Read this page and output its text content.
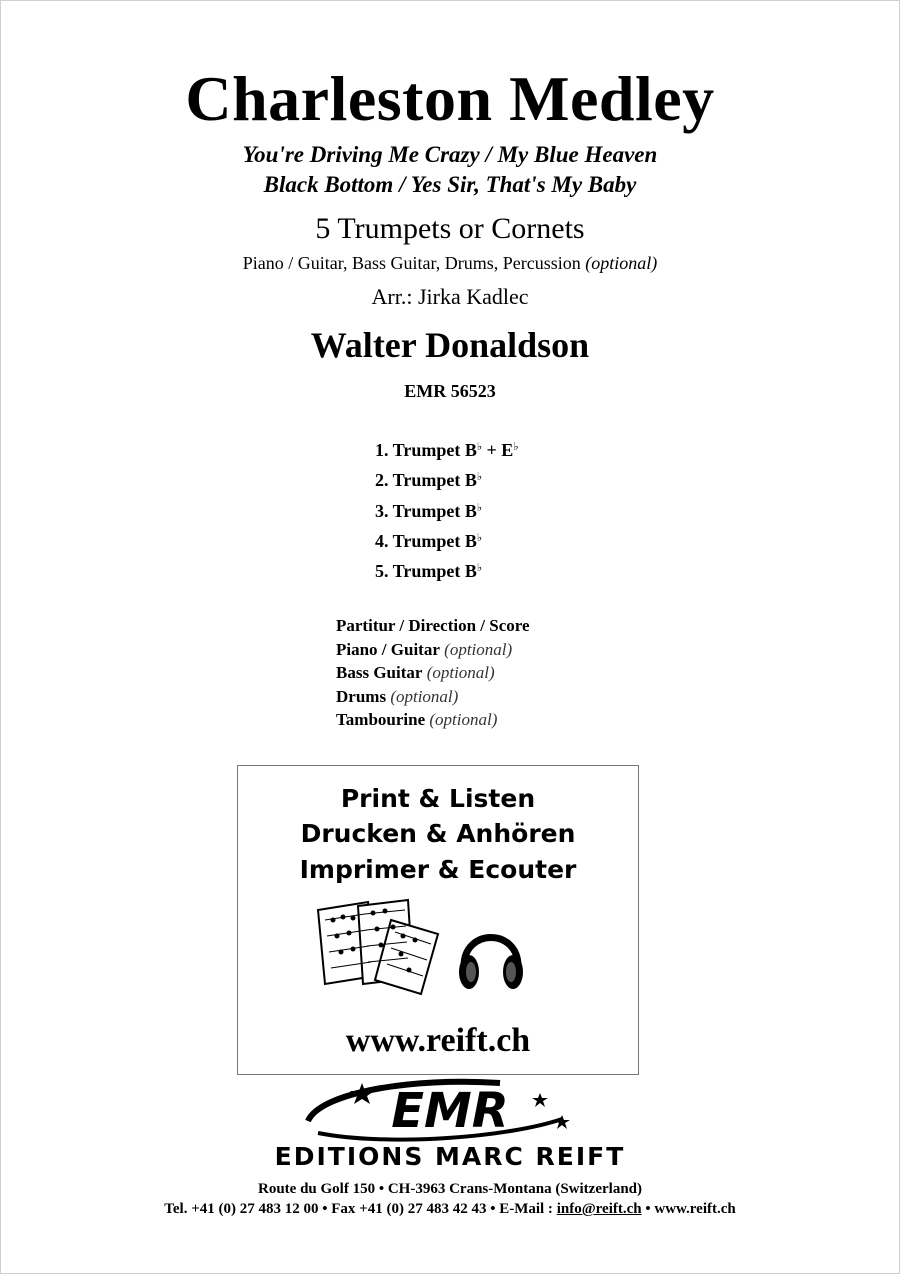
Charleston Medley
You're Driving Me Crazy / My Blue Heaven
Black Bottom / Yes Sir, That's My Baby
5 Trumpets or Cornets
Piano / Guitar, Bass Guitar, Drums, Percussion (optional)
Arr.: Jirka Kadlec
Walter Donaldson
EMR 56523
1. Trumpet B♭ + E♭
2. Trumpet B♭
3. Trumpet B♭
4. Trumpet B♭
5. Trumpet B♭
Partitur / Direction / Score
Piano / Guitar (optional)
Bass Guitar (optional)
Drums (optional)
Tambourine (optional)
Print & Listen
Drucken & Anhören
Imprimer & Ecouter
www.reift.ch
EMR
EDITIONS MARC REIFT
Route du Golf 150 • CH-3963 Crans-Montana (Switzerland)
Tel. +41 (0) 27 483 12 00 • Fax +41 (0) 27 483 42 43 • E-Mail : info@reift.ch • www.reift.ch
